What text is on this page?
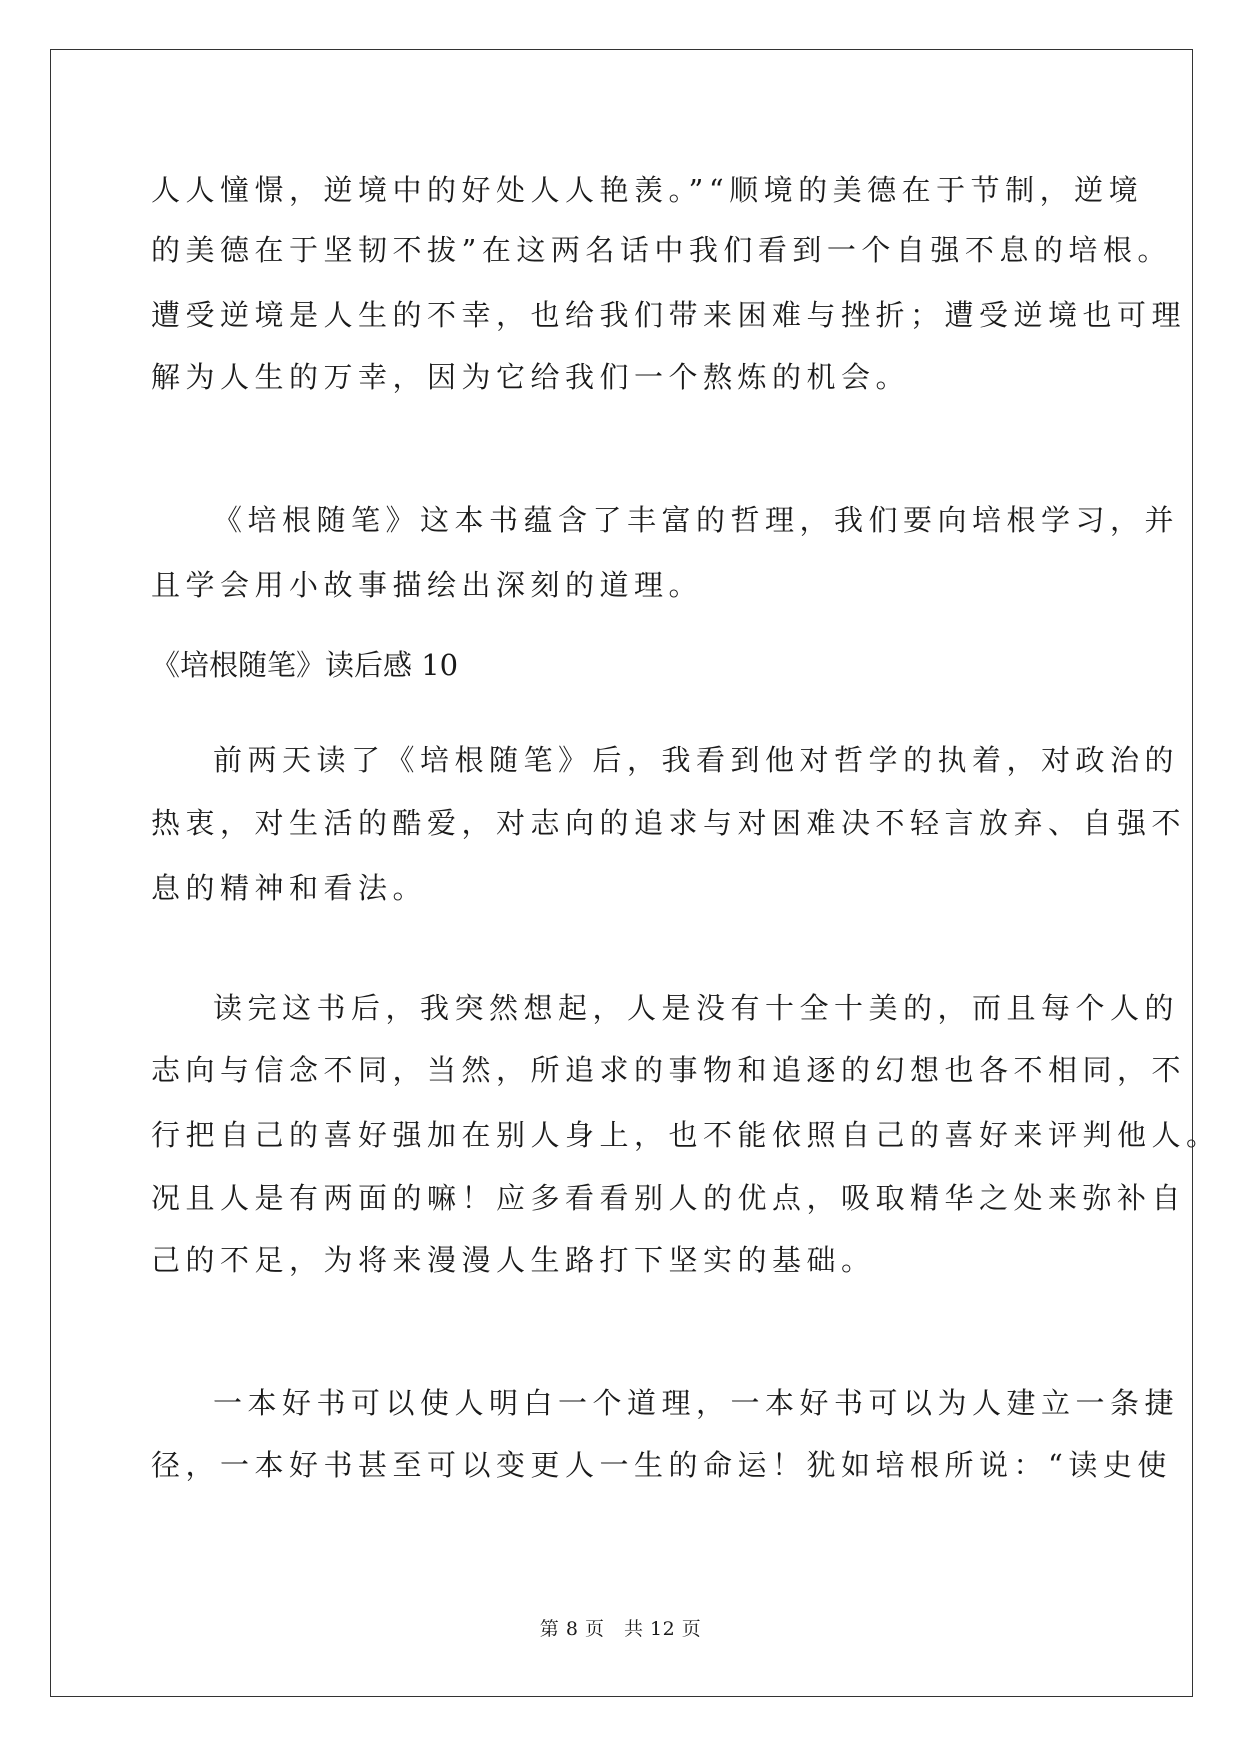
人人憧憬，逆境中的好处人人艳羡。”“顺境的美德在于节制，逆境
的美德在于坚韧不拔”在这两名话中我们看到一个自强不息的培根。
遭受逆境是人生的不幸，也给我们带来困难与挫折；遭受逆境也可理
解为人生的万幸，因为它给我们一个熬炼的机会。
《培根随笔》这本书蕴含了丰富的哲理，我们要向培根学习，并
且学会用小故事描绘出深刻的道理。
《培根随笔》读后感 10
前两天读了《培根随笔》后，我看到他对哲学的执着，对政治的
热衷，对生活的酷爱，对志向的追求与对困难决不轻言放弃、自强不
息的精神和看法。
读完这书后，我突然想起，人是没有十全十美的，而且每个人的
志向与信念不同，当然，所追求的事物和追逐的幻想也各不相同，不
行把自己的喜好强加在别人身上，也不能依照自己的喜好来评判他人。
况且人是有两面的嘛！应多看看别人的优点，吸取精华之处来弥补自
己的不足，为将来漫漫人生路打下坚实的基础。
一本好书可以使人明白一个道理，一本好书可以为人建立一条捷
径，一本好书甚至可以变更人一生的命运！犹如培根所说：“读史使
第 8 页　共 12 页
